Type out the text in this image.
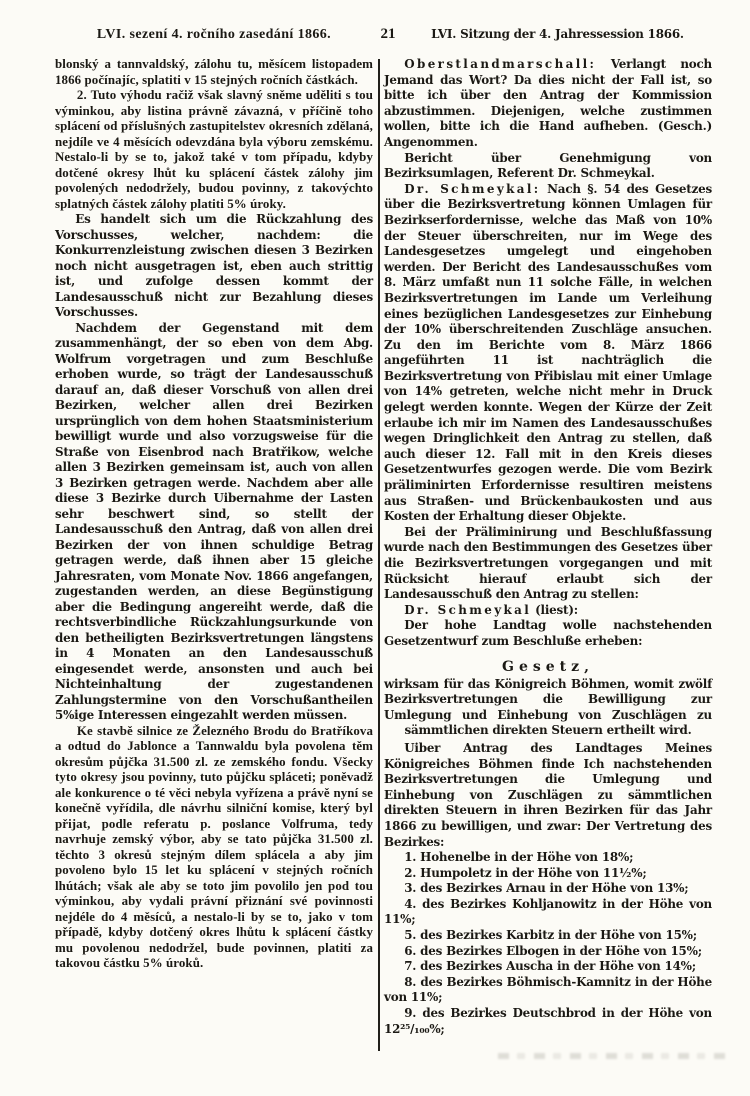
LVI. sezení 4. ročního zasedání 1866.	21	LVI. Sitzung der 4. Jahressession 1866.

blonský a tannvaldský, zálohu tu, měsícem listopadem 1866 počínajíc, splatiti v 15 stejných ročních částkách.

2. Tuto výhodu račiž však slavný sněme uděliti s tou výminkou, aby listina právně závazná, v příčině toho splácení od příslušných zastupitelstev okresních zdělaná, nejdíle ve 4 měsících odevzdána byla výboru zemskému. Nestalo-li by se to, jakož také v tom případu, kdyby dotčené okresy lhůt ku splácení částek zálohy jim povolených nedodržely, budou povinny, z takovýchto splatných částek zálohy platiti 5% úroky.

Es handelt sich um die Rückzahlung des Vorschusses, welcher, nachdem: die Konkurrenzleistung zwischen diesen 3 Bezirken noch nicht ausgetragen ist, eben auch strittig ist, und zufolge dessen kommt der Landesausschuß nicht zur Bezahlung dieses Vorschusses.

Nachdem der Gegenstand mit dem zusammenhängt, der so eben von dem Abg. Wolfrum vorgetragen und zum Beschluße erhoben wurde, so trägt der Landesausschuß darauf an, daß dieser Vorschuß von allen drei Bezirken, welcher allen drei Bezirken ursprünglich von dem hohen Staatsministerium bewilligt wurde und also vorzugsweise für die Straße von Eisenbrod nach Bratřikow, welche allen 3 Bezirken gemeinsam ist, auch von allen 3 Bezirken getragen werde. Nachdem aber alle diese 3 Bezirke durch Uibernahme der Lasten sehr beschwert sind, so stellt der Landesausschuß den Antrag, daß von allen drei Bezirken der von ihnen schuldige Betrag getragen werde, daß ihnen aber 15 gleiche Jahresraten, vom Monate Nov. 1866 angefangen, zugestanden werden, an diese Begünstigung aber die Bedingung angereiht werde, daß die rechtsverbindliche Rückzahlungsurkunde von den betheiligten Bezirksvertretungen längstens in 4 Monaten an den Landesausschuß eingesendet werde, ansonsten und auch bei Nichteinhaltung der zugestandenen Zahlungstermine von den Vorschußantheilen 5%ige Interessen eingezahlt werden müssen.

Ke stavbě silnice ze Železného Brodu do Bratříkova a odtud do Jablonce a Tannwaldu byla povolena těm okresům půjčka 31.500 zl. ze zemského fondu. Všecky tyto okresy jsou povinny, tuto půjčku spláceti; poněvadž ale konkurence o té věci nebyla vyřízena a právě nyní se konečně vyřídila, dle návrhu silniční komise, který byl přijat, podle referatu p. poslance Volfruma, tedy navrhuje zemský výbor, aby se tato půjčka 31.500 zl. těchto 3 okresů stejným dílem splácela a aby jim povoleno bylo 15 let ku splácení v stejných ročních lhútách; však ale aby se toto jim povolilo jen pod tou výminkou, aby vydali právní přiznání své povinnosti nejdéle do 4 měsíců, a nestalo-li by se to, jako v tom případě, kdyby dotčený okres lhůtu k splácení částky mu povolenou nedodržel, bude povinnen, platiti za takovou částku 5% úroků.

Oberstlandmarschall: Verlangt noch Jemand das Wort? Da dies nicht der Fall ist, so bitte ich über den Antrag der Kommission abzustimmen. Diejenigen, welche zustimmen wollen, bitte ich die Hand aufheben. (Gesch.) Angenommen.

Bericht über Genehmigung von Bezirksumlagen, Referent Dr. Schmeykal.

Dr. Schmeykal: Nach §. 54 des Gesetzes über die Bezirksvertretung können Umlagen für Bezirkserfordernisse, welche das Maß von 10% der Steuer überschreiten, nur im Wege des Landesgesetzes umgelegt und eingehoben werden. Der Bericht des Landesausschußes vom 8. März umfaßt nun 11 solche Fälle, in welchen Bezirksvertretungen im Lande um Verleihung eines bezüglichen Landesgesetzes zur Einhebung der 10% überschreitenden Zuschläge ansuchen. Zu den im Berichte vom 8. März 1866 angeführten 11 ist nachträglich die Bezirksvertretung von Přibislau mit einer Umlage von 14% getreten, welche nicht mehr in Druck gelegt werden konnte. Wegen der Kürze der Zeit erlaube ich mir im Namen des Landesausschußes wegen Dringlichkeit den Antrag zu stellen, daß auch dieser 12. Fall mit in den Kreis dieses Gesetzentwurfes gezogen werde. Die vom Bezirk präliminirten Erfordernisse resultiren meistens aus Straßen- und Brückenbaukosten und aus Kosten der Erhaltung dieser Objekte.

Bei der Präliminirung und Beschlußfassung wurde nach den Bestimmungen des Gesetzes über die Bezirksvertretungen vorgegangen und mit Rücksicht hierauf erlaubt sich der Landesausschuß den Antrag zu stellen:

Dr. Schmeykal (liest):

Der hohe Landtag wolle nachstehenden Gesetzentwurf zum Beschluße erheben:

Gesetz,

wirksam für das Königreich Böhmen, womit zwölf Bezirksvertretungen die Bewilligung zur Umlegung und Einhebung von Zuschlägen zu sämmtlichen direkten Steuern ertheilt wird.

Uiber Antrag des Landtages Meines Königreiches Böhmen finde Ich nachstehenden Bezirksvertretungen die Umlegung und Einhebung von Zuschlägen zu sämmtlichen direkten Steuern in ihren Bezirken für das Jahr 1866 zu bewilligen, und zwar: Der Vertretung des Bezirkes:

1. Hohenelbe in der Höhe von 18%;

2. Humpoletz in der Höhe von 11½%;

3. des Bezirkes Arnau in der Höhe von 13%;

4. des Bezirkes Kohljanowitz in der Höhe von 11%;

5. des Bezirkes Karbitz in der Höhe von 15%;

6. des Bezirkes Elbogen in der Höhe von 15%;

7. des Bezirkes Auscha in der Höhe von 14%;

8. des Bezirkes Böhmisch-Kamnitz in der Höhe von 11%;

9. des Bezirkes Deutschbrod in der Höhe von 12²⁵/₁₀₀%;
